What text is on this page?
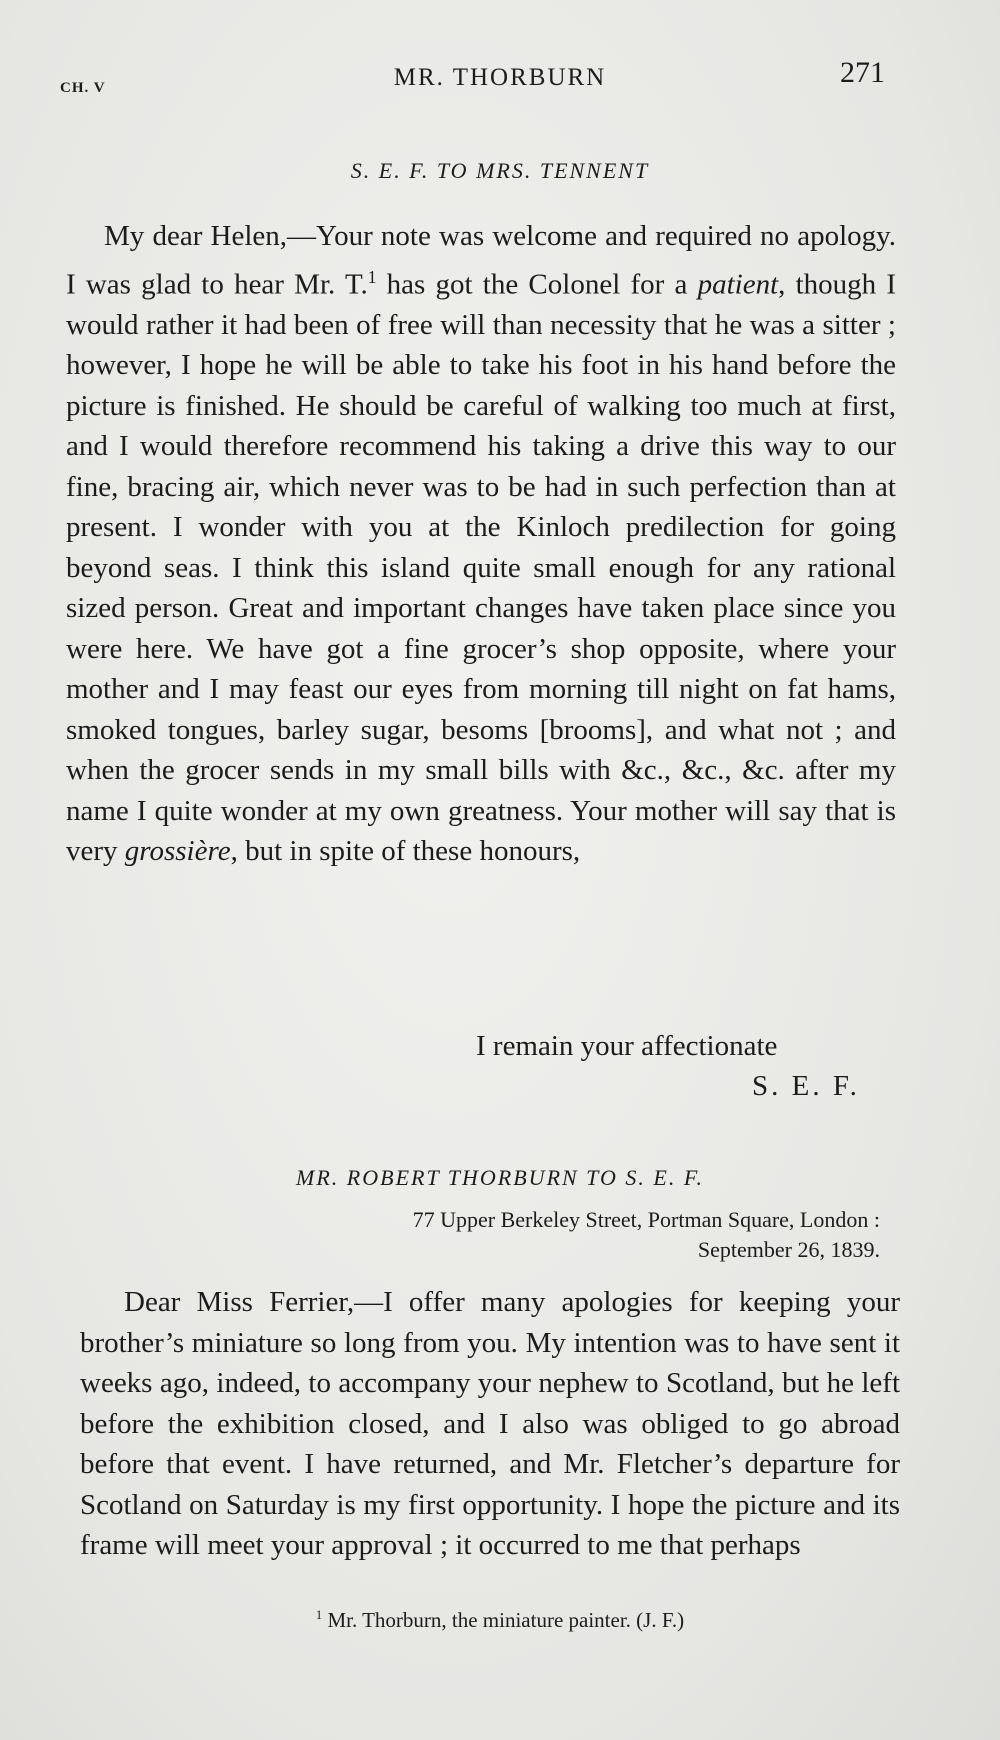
CH. V	MR. THORBURN	271
S. E. F. TO MRS. TENNENT
My dear Helen,—Your note was welcome and required no apology. I was glad to hear Mr. T.$^1$ has got the Colonel for a patient, though I would rather it had been of free will than necessity that he was a sitter ; however, I hope he will be able to take his foot in his hand before the picture is finished. He should be careful of walking too much at first, and I would therefore recommend his taking a drive this way to our fine, bracing air, which never was to be had in such perfection than at present. I wonder with you at the Kinloch predilection for going beyond seas. I think this island quite small enough for any rational sized person. Great and important changes have taken place since you were here. We have got a fine grocer’s shop opposite, where your mother and I may feast our eyes from morning till night on fat hams, smoked tongues, barley sugar, besoms [brooms], and what not ; and when the grocer sends in my small bills with &c., &c., &c. after my name I quite wonder at my own greatness. Your mother will say that is very grossière, but in spite of these honours,
I remain your affectionate
S. E. F.
MR. ROBERT THORBURN TO S. E. F.
77 Upper Berkeley Street, Portman Square, London :
September 26, 1839.
Dear Miss Ferrier,—I offer many apologies for keeping your brother’s miniature so long from you. My intention was to have sent it weeks ago, indeed, to accompany your nephew to Scotland, but he left before the exhibition closed, and I also was obliged to go abroad before that event. I have returned, and Mr. Fletcher’s departure for Scotland on Saturday is my first opportunity. I hope the picture and its frame will meet your approval ; it occurred to me that perhaps
$^1$ Mr. Thorburn, the miniature painter. (J. F.)
